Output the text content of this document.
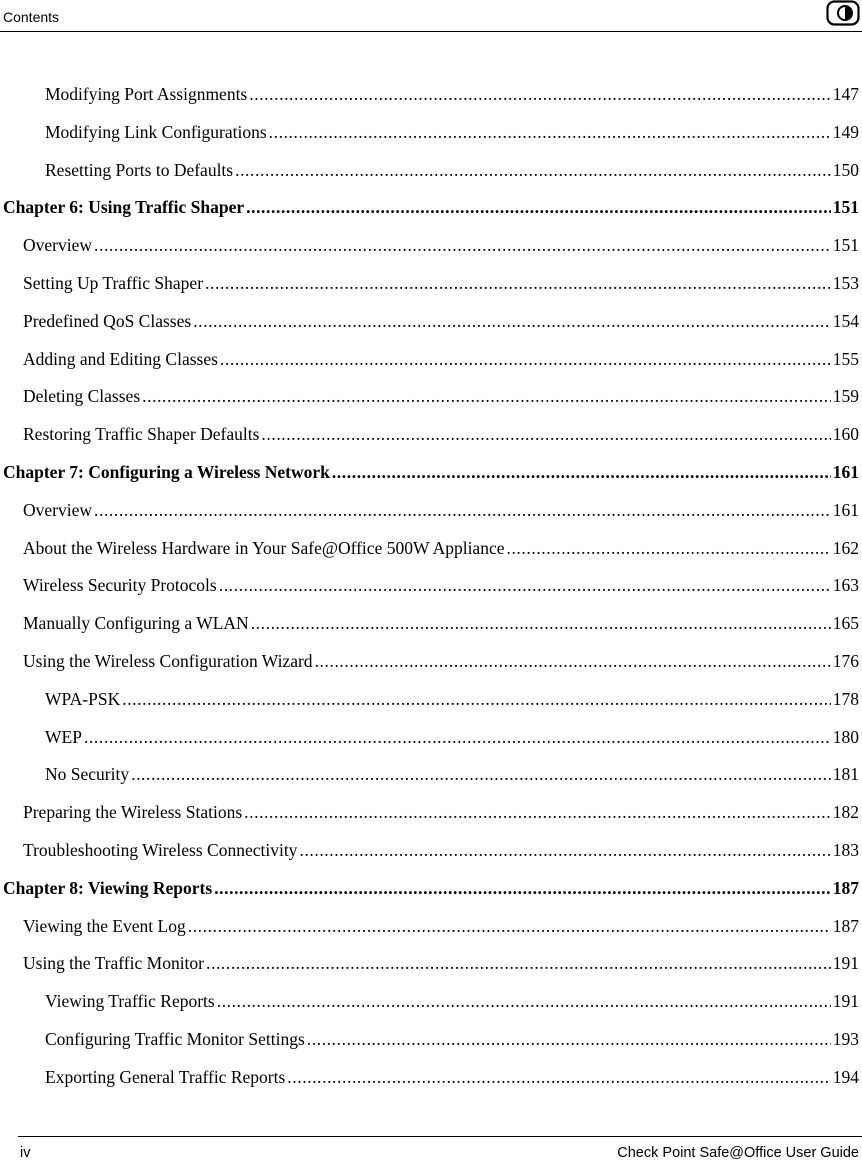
Contents
Modifying Port Assignments .....	147
Modifying Link Configurations .....	149
Resetting Ports to Defaults .....	150
Chapter 6: Using Traffic Shaper .....	151
Overview .....	151
Setting Up Traffic Shaper .....	153
Predefined QoS Classes .....	154
Adding and Editing Classes .....	155
Deleting Classes .....	159
Restoring Traffic Shaper Defaults .....	160
Chapter 7: Configuring a Wireless Network .....	161
Overview .....	161
About the Wireless Hardware in Your Safe@Office 500W Appliance .....	162
Wireless Security Protocols .....	163
Manually Configuring a WLAN .....	165
Using the Wireless Configuration Wizard .....	176
WPA-PSK .....	178
WEP .....	180
No Security .....	181
Preparing the Wireless Stations .....	182
Troubleshooting Wireless Connectivity .....	183
Chapter 8: Viewing Reports .....	187
Viewing the Event Log .....	187
Using the Traffic Monitor .....	191
Viewing Traffic Reports .....	191
Configuring Traffic Monitor Settings .....	193
Exporting General Traffic Reports .....	194
iv	Check Point Safe@Office User Guide
